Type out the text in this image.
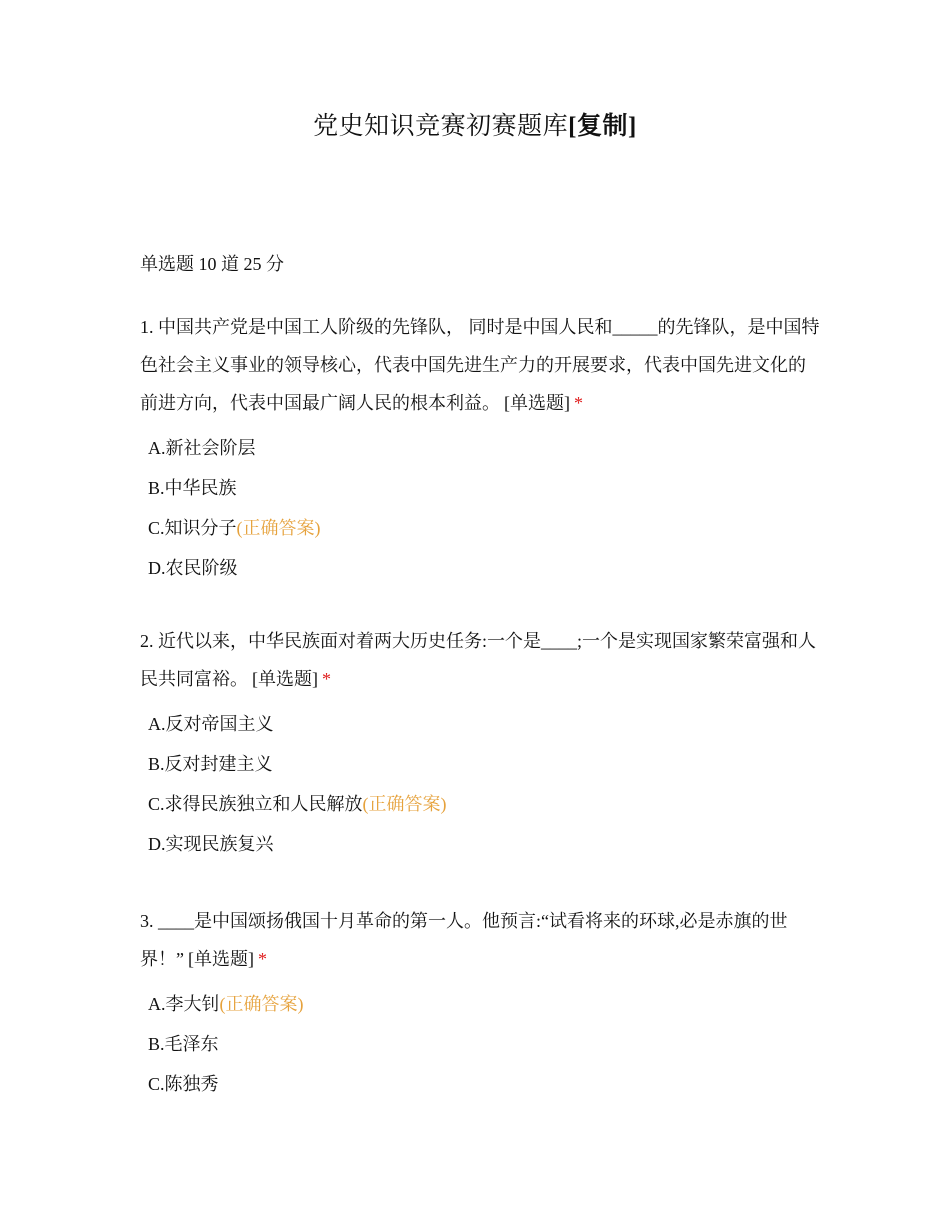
党史知识竞赛初赛题库[复制]
单选题 10 道 25 分

1. 中国共产党是中国工人阶级的先锋队， 同时是中国人民和_____的先锋队，是中国特色社会主义事业的领导核心，代表中国先进生产力的开展要求，代表中国先进文化的前进方向，代表中国最广阔人民的根本利益。 [单选题] *

A.新社会阶层
B.中华民族
C.知识分子(正确答案)
D.农民阶级

2. 近代以来，中华民族面对着两大历史任务:一个是____;一个是实现国家繁荣富强和人民共同富裕。 [单选题] *

A.反对帝国主义
B.反对封建主义
C.求得民族独立和人民解放(正确答案)
D.实现民族复兴

3. ____是中国颂扬俄国十月革命的第一人。他预言:“试看将来的环球,必是赤旗的世界！” [单选题] *

A.李大钊(正确答案)
B.毛泽东
C.陈独秀
